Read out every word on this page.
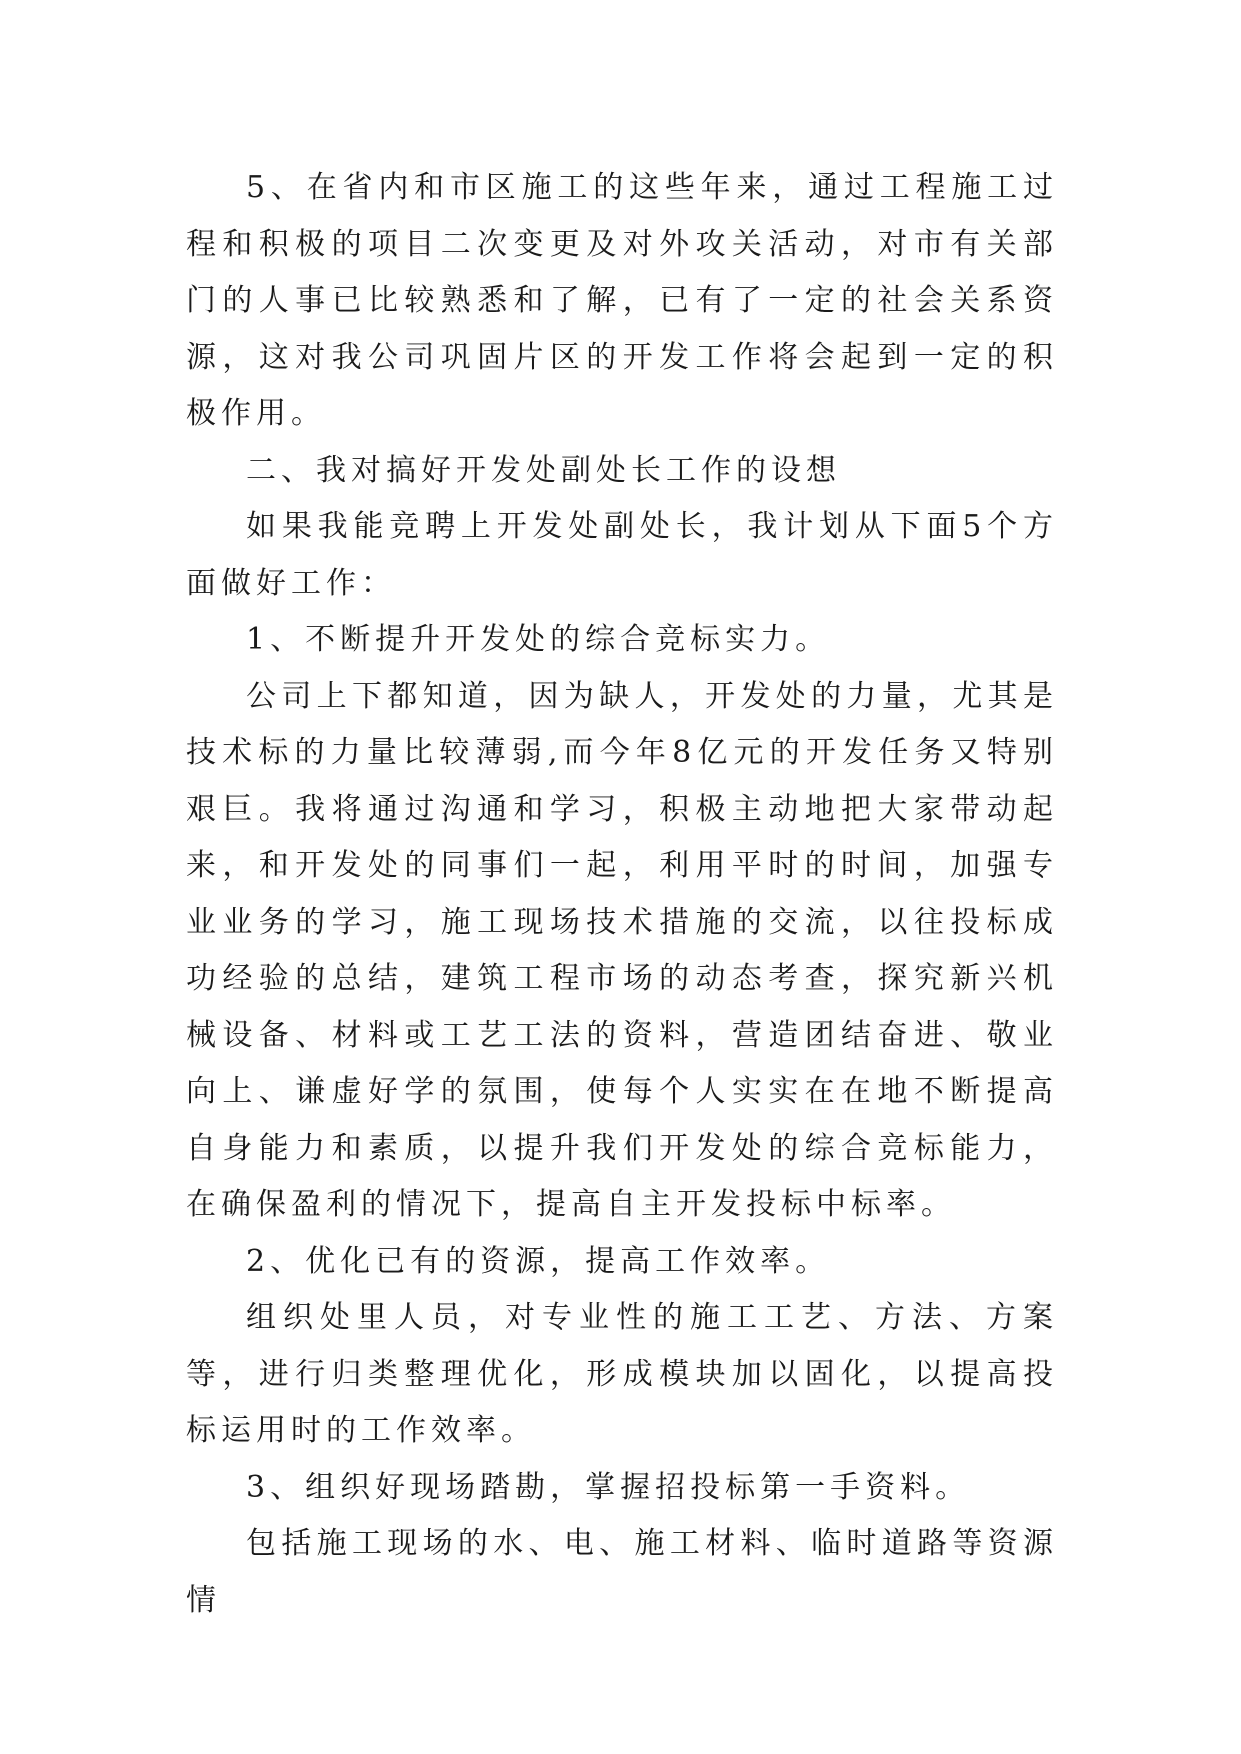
5、在省内和市区施工的这些年来，通过工程施工过程和积极的项目二次变更及对外攻关活动，对市有关部门的人事已比较熟悉和了解，已有了一定的社会关系资源，这对我公司巩固片区的开发工作将会起到一定的积极作用。

二、我对搞好开发处副处长工作的设想

如果我能竞聘上开发处副处长，我计划从下面5个方面做好工作：

1、不断提升开发处的综合竞标实力。

公司上下都知道，因为缺人，开发处的力量，尤其是技术标的力量比较薄弱,而今年8亿元的开发任务又特别艰巨。我将通过沟通和学习，积极主动地把大家带动起来，和开发处的同事们一起，利用平时的时间，加强专业业务的学习，施工现场技术措施的交流，以往投标成功经验的总结，建筑工程市场的动态考查，探究新兴机械设备、材料或工艺工法的资料，营造团结奋进、敬业向上、谦虚好学的氛围，使每个人实实在在地不断提高自身能力和素质，以提升我们开发处的综合竞标能力，在确保盈利的情况下，提高自主开发投标中标率。

2、优化已有的资源，提高工作效率。

组织处里人员，对专业性的施工工艺、方法、方案等，进行归类整理优化，形成模块加以固化，以提高投标运用时的工作效率。

3、组织好现场踏勘，掌握招投标第一手资料。

包括施工现场的水、电、施工材料、临时道路等资源情
